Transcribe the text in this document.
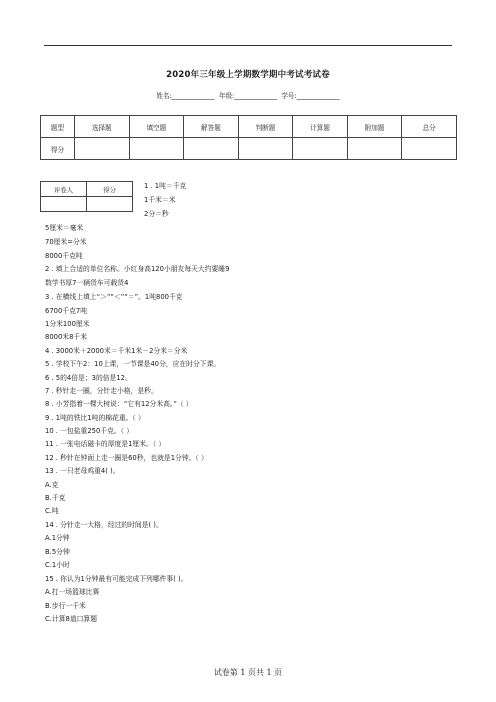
2020年三年级上学期数学期中考试考试卷
姓名:_____________ 年级:_____________ 学号:_____________
题型	选择题	填空题	解答题	判断题	计算题	附加题	总分
得分							
评卷人	得分
		1 . 1吨＝千克
1千米＝米
2分＝秒
5厘米＝毫米
70厘米=分米
8000千克吨
2 . 填上合适的单位名称。小红身高120小朋友每天大约要睡9
数学书厚7一辆货车可载货4
3 . 在横线上填上“＞”“＜”“＝”。1吨800千克
6700千克7吨
1分米100厘米
8000米8千米
4 . 3000米＋2000米＝千米1米－2分米＝分米
5 . 学校下午2：10上课，一节课是40分，应在时分下课。
6 . 5的4倍是；3的倍是12。
7 . 秒针走一圈，分针走小格，是秒。
8 . 小芳指着一棵大树说：“它有12分米高。”（ ）
9 . 1吨的铁比1吨的棉花重。（ ）
10 . 一包盐重250千克。（ ）
11 . 一张电话磁卡的厚度是1厘米。（ ）
12 . 秒针在钟面上走一圈是60秒，也就是1分钟。（ ）
13 . 一只老母鸡重4( )。
A.克
B.千克
C.吨
14 . 分针走一大格，经过的时间是( )。
A.1分钟
B.5分钟
C.1小时
15 . 你认为1分钟最有可能完成下列哪件事( )。
A.打一场篮球比赛
B.步行一千米
C.计算8道口算题
试卷第 1 页共 1 页
